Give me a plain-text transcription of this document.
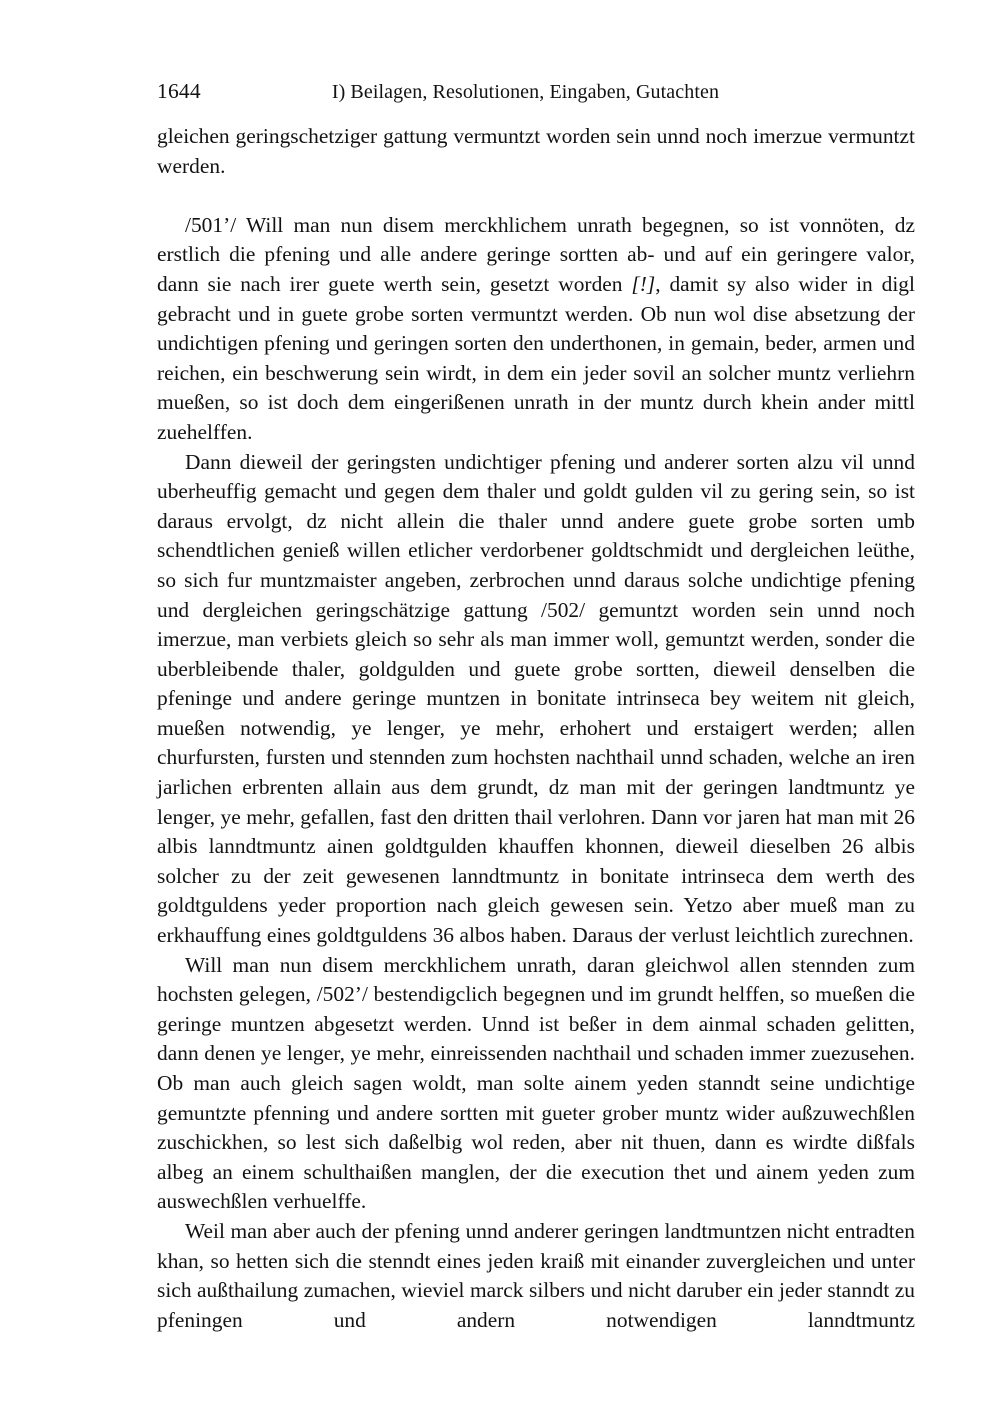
1644	I) Beilagen, Resolutionen, Eingaben, Gutachten

gleichen geringschetziger gattung vermuntzt worden sein unnd noch imerzue vermuntzt werden.

/501’/ Will man nun disem merckhlichem unrath begegnen, so ist vonnöten, dz erstlich die pfening und alle andere geringe sortten ab- und auf ein geringere valor, dann sie nach irer guete werth sein, gesetzt worden [!], damit sy also wider in digl gebracht und in guete grobe sorten vermuntzt werden. Ob nun wol dise absetzung der undichtigen pfening und geringen sorten den underthonen, in gemain, beder, armen und reichen, ein beschwerung sein wirdt, in dem ein jeder sovil an solcher muntz verliehrn mueßen, so ist doch dem eingerißenen unrath in der muntz durch khein ander mittl zuehelffen.

Dann dieweil der geringsten undichtiger pfening und anderer sorten alzu vil unnd uberheuffig gemacht und gegen dem thaler und goldt gulden vil zu gering sein, so ist daraus ervolgt, dz nicht allein die thaler unnd andere guete grobe sorten umb schendtlichen genieß willen etlicher verdorbener goldtschmidt und dergleichen leüthe, so sich fur muntzmaister angeben, zerbrochen unnd daraus solche undichtige pfening und dergleichen geringschätzige gattung /502/ gemuntzt worden sein unnd noch imerzue, man verbiets gleich so sehr als man immer woll, gemuntzt werden, sonder die uberbleibende thaler, goldgulden und guete grobe sortten, dieweil denselben die pfeninge und andere geringe muntzen in bonitate intrinseca bey weitem nit gleich, mueßen notwendig, ye lenger, ye mehr, erhohert und erstaigert werden; allen churfursten, fursten und stennden zum hochsten nachthail unnd schaden, welche an iren jarlichen erbrenten allain aus dem grundt, dz man mit der geringen landtmuntz ye lenger, ye mehr, gefallen, fast den dritten thail verlohren. Dann vor jaren hat man mit 26 albis lanndtmuntz ainen goldtgulden khauffen khonnen, dieweil dieselben 26 albis solcher zu der zeit gewesenen lanndtmuntz in bonitate intrinseca dem werth des goldtguldens yeder proportion nach gleich gewesen sein. Yetzo aber mueß man zu erkhauffung eines goldtguldens 36 albos haben. Daraus der verlust leichtlich zurechnen.

Will man nun disem merckhlichem unrath, daran gleichwol allen stennden zum hochsten gelegen, /502’/ bestendigclich begegnen und im grundt helffen, so mueßen die geringe muntzen abgesetzt werden. Unnd ist beßer in dem ainmal schaden gelitten, dann denen ye lenger, ye mehr, einreissenden nachthail und schaden immer zuezusehen. Ob man auch gleich sagen woldt, man solte ainem yeden stanndt seine undichtige gemuntzte pfenning und andere sortten mit gueter grober muntz wider außzuwechßlen zuschickhen, so lest sich daßelbig wol reden, aber nit thuen, dann es wirdte dißfals albeg an einem schulthaißen manglen, der die execution thet und ainem yeden zum auswechßlen verhuelffe.

Weil man aber auch der pfening unnd anderer geringen landtmuntzen nicht entradten khan, so hetten sich die stenndt eines jeden kraiß mit einander zuvergleichen und unter sich außthailung zumachen, wieviel marck silbers und nicht daruber ein jeder stanndt zu pfeningen und andern notwendigen lanndtmuntz
